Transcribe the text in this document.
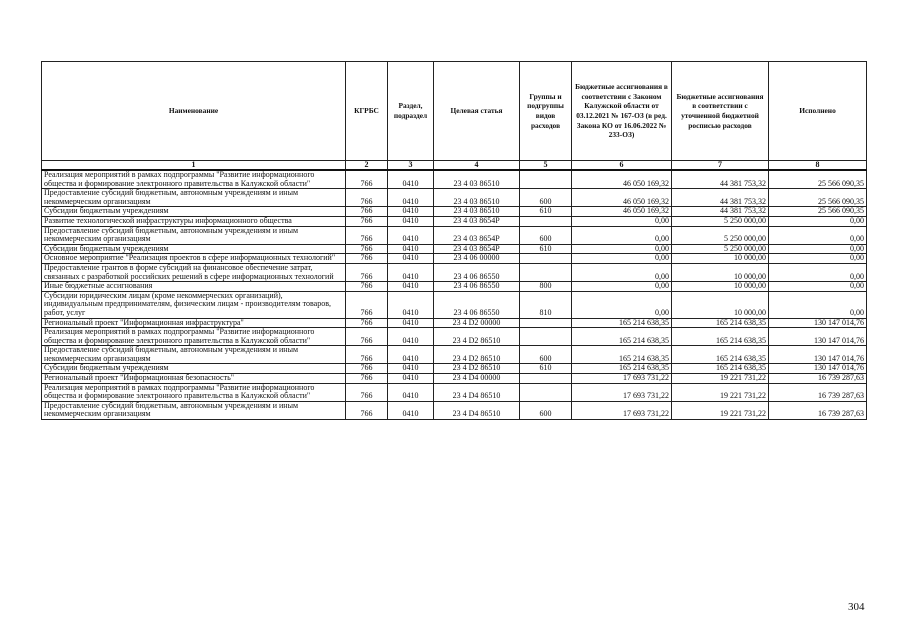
Наименование	КГРБС	Раздел, подраздел	Целевая статья	Группы и подгруппы видов расходов	Бюджетные ассигнования в соответствии с Законом Калужской области от 03.12.2021 № 167-ОЗ (в ред. Закона КО от 16.06.2022 № 233-ОЗ)	Бюджетные ассигнования в соответствии с уточненной бюджетной росписью расходов	Исполнено
1	2	3	4	5	6	7	8
Реализация мероприятий в рамках подпрограммы "Развитие информационного общества и формирование электронного правительства в Калужской области"	766	0410	23 4 03 86510		46 050 169,32	44 381 753,32	25 566 090,35
Предоставление субсидий бюджетным, автономным учреждениям и иным некоммерческим организациям	766	0410	23 4 03 86510	600	46 050 169,32	44 381 753,32	25 566 090,35
Субсидии бюджетным учреждениям	766	0410	23 4 03 86510	610	46 050 169,32	44 381 753,32	25 566 090,35
Развитие технологической инфраструктуры информационного общества	766	0410	23 4 03 8654P		0,00	5 250 000,00	0,00
Предоставление субсидий бюджетным, автономным учреждениям и иным некоммерческим организациям	766	0410	23 4 03 8654P	600	0,00	5 250 000,00	0,00
Субсидии бюджетным учреждениям	766	0410	23 4 03 8654P	610	0,00	5 250 000,00	0,00
Основное мероприятие "Реализация проектов в сфере информационных технологий"	766	0410	23 4 06 00000		0,00	10 000,00	0,00
Предоставление грантов в форме субсидий на финансовое обеспечение затрат, связанных с разработкой российских решений в сфере информационных технологий	766	0410	23 4 06 86550		0,00	10 000,00	0,00
Иные бюджетные ассигнования	766	0410	23 4 06 86550	800	0,00	10 000,00	0,00
Субсидии юридическим лицам (кроме некоммерческих организаций), индивидуальным предпринимателям, физическим лицам - производителям товаров, работ, услуг	766	0410	23 4 06 86550	810	0,00	10 000,00	0,00
Региональный проект "Информационная инфраструктура"	766	0410	23 4 D2 00000		165 214 638,35	165 214 638,35	130 147 014,76
Реализация мероприятий в рамках подпрограммы "Развитие информационного общества и формирование электронного правительства в Калужской области"	766	0410	23 4 D2 86510		165 214 638,35	165 214 638,35	130 147 014,76
Предоставление субсидий бюджетным, автономным учреждениям и иным некоммерческим организациям	766	0410	23 4 D2 86510	600	165 214 638,35	165 214 638,35	130 147 014,76
Субсидии бюджетным учреждениям	766	0410	23 4 D2 86510	610	165 214 638,35	165 214 638,35	130 147 014,76
Региональный проект "Информационная безопасность"	766	0410	23 4 D4 00000		17 693 731,22	19 221 731,22	16 739 287,63
Реализация мероприятий в рамках подпрограммы "Развитие информационного общества и формирование электронного правительства в Калужской области"	766	0410	23 4 D4 86510		17 693 731,22	19 221 731,22	16 739 287,63
Предоставление субсидий бюджетным, автономным учреждениям и иным некоммерческим организациям	766	0410	23 4 D4 86510	600	17 693 731,22	19 221 731,22	16 739 287,63
304
